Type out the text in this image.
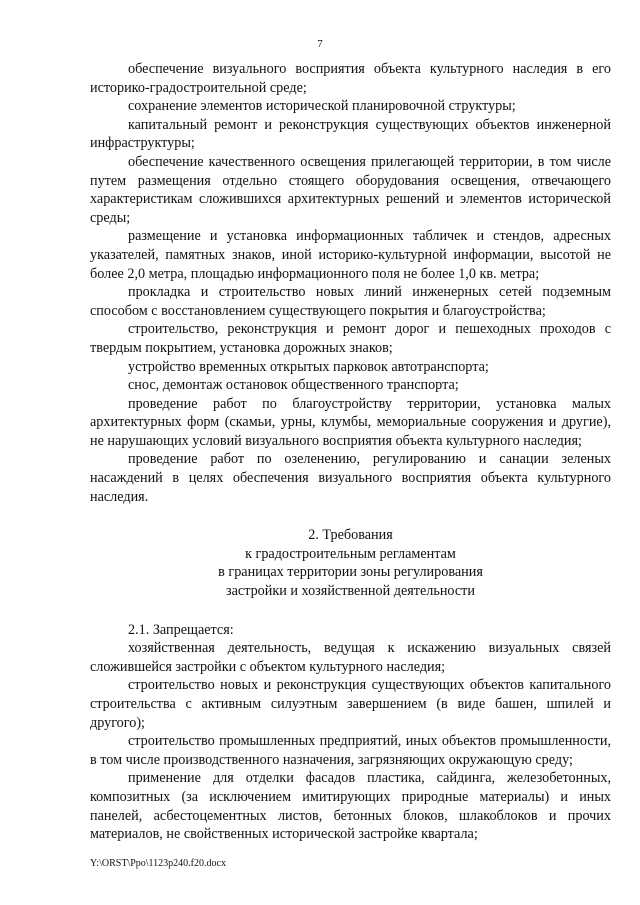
7

обеспечение визуального восприятия объекта культурного наследия в его историко-градостроительной среде;

сохранение элементов исторической планировочной структуры;

капитальный ремонт и реконструкция существующих объектов инженерной инфраструктуры;

обеспечение качественного освещения прилегающей территории, в том числе путем размещения отдельно стоящего оборудования освещения, отвечающего характеристикам сложившихся архитектурных решений и элементов исторической среды;

размещение и установка информационных табличек и стендов, адресных указателей, памятных знаков, иной историко-культурной информации, высотой не более 2,0 метра, площадью информационного поля не более 1,0 кв. метра;

прокладка и строительство новых линий инженерных сетей подземным способом с восстановлением существующего покрытия и благоустройства;

строительство, реконструкция и ремонт дорог и пешеходных проходов с твердым покрытием, установка дорожных знаков;

устройство временных открытых парковок автотранспорта;

снос, демонтаж остановок общественного транспорта;

проведение работ по благоустройству территории, установка малых архитектурных форм (скамьи, урны, клумбы, мемориальные сооружения и другие), не нарушающих условий визуального восприятия объекта культурного наследия;

проведение работ по озеленению, регулированию и санации зеленых насаждений в целях обеспечения визуального восприятия объекта культурного наследия.

2. Требования
к градостроительным регламентам
в границах территории зоны регулирования
застройки и хозяйственной деятельности

2.1. Запрещается:

хозяйственная деятельность, ведущая к искажению визуальных связей сложившейся застройки с объектом культурного наследия;

строительство новых и реконструкция существующих объектов капитального строительства с активным силуэтным завершением (в виде башен, шпилей и другого);

строительство промышленных предприятий, иных объектов промышленности, в том числе производственного назначения, загрязняющих окружающую среду;

применение для отделки фасадов пластика, сайдинга, железобетонных, композитных (за исключением имитирующих природные материалы) и иных панелей, асбестоцементных листов, бетонных блоков, шлакоблоков и прочих материалов, не свойственных исторической застройке квартала;

Y:\ORST\Ppo\1123p240.f20.docx
